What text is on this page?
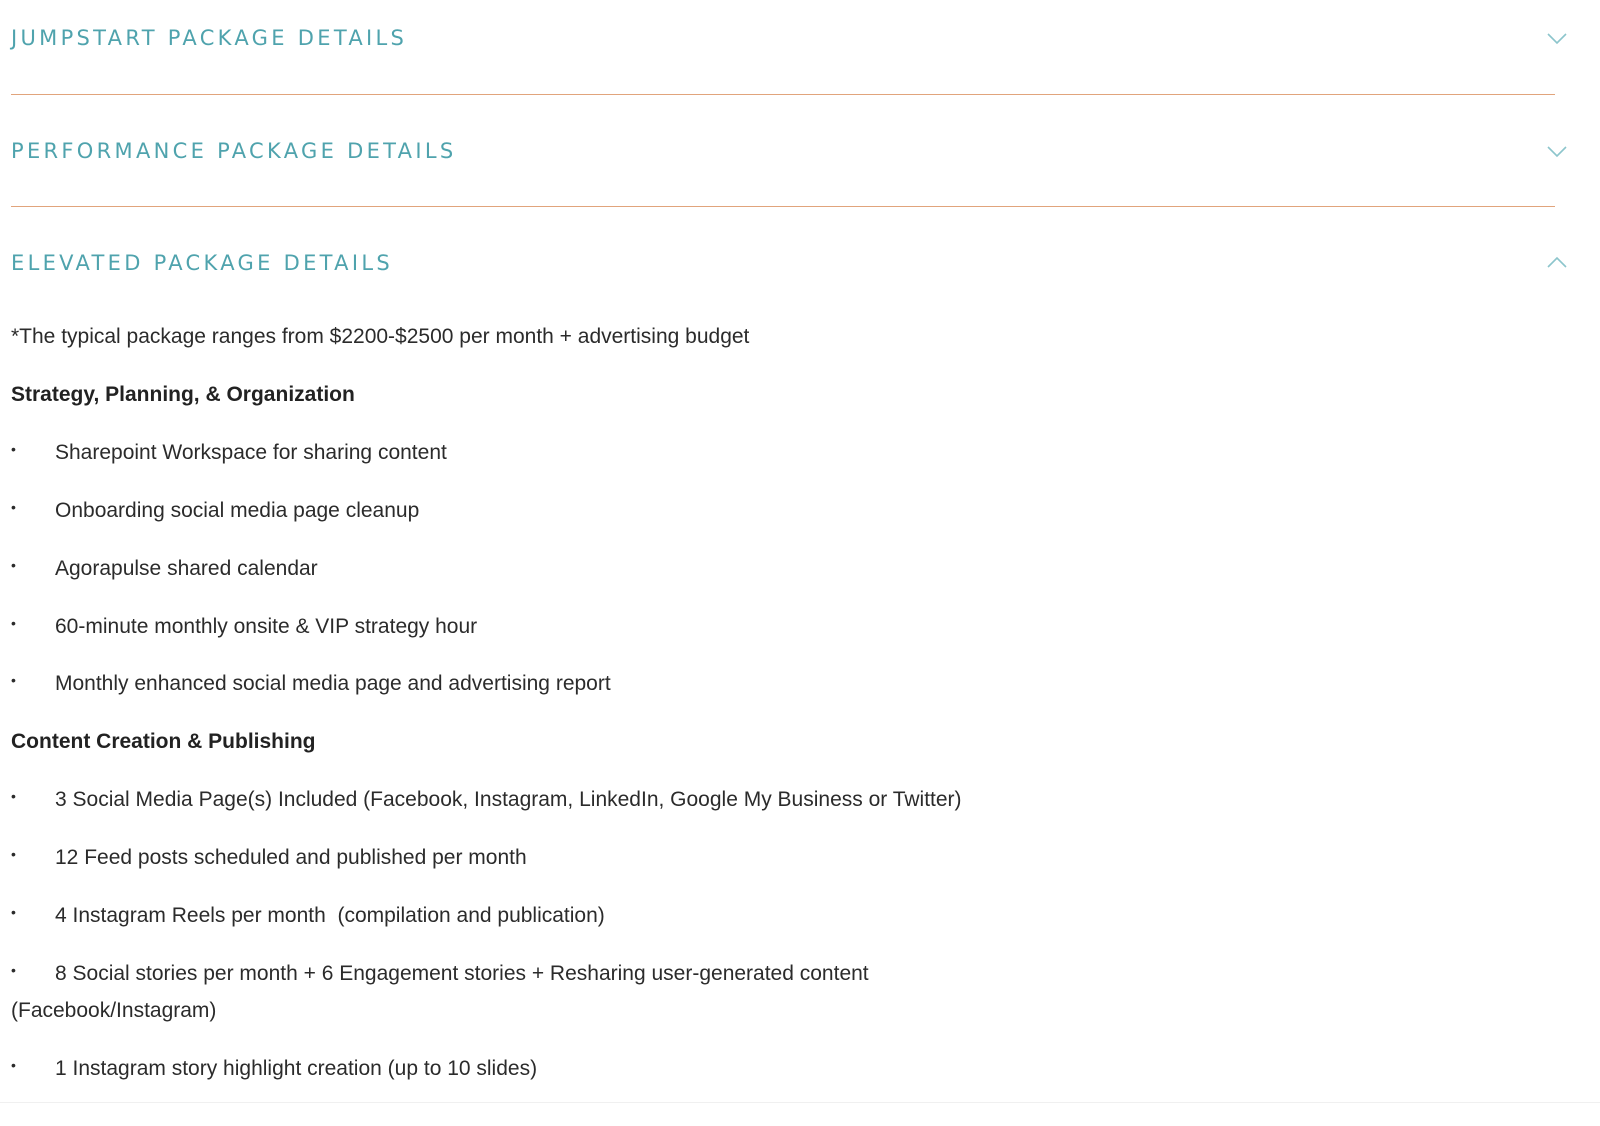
JUMPSTART PACKAGE DETAILS
PERFORMANCE PACKAGE DETAILS
ELEVATED PACKAGE DETAILS
*The typical package ranges from $2200-$2500 per month + advertising budget
Strategy, Planning, & Organization
• Sharepoint Workspace for sharing content
• Onboarding social media page cleanup
• Agorapulse shared calendar
• 60-minute monthly onsite & VIP strategy hour
• Monthly enhanced social media page and advertising report
Content Creation & Publishing
• 3 Social Media Page(s) Included (Facebook, Instagram, LinkedIn, Google My Business or Twitter)
• 12 Feed posts scheduled and published per month
• 4 Instagram Reels per month  (compilation and publication)
• 8 Social stories per month + 6 Engagement stories + Resharing user-generated content
(Facebook/Instagram)
• 1 Instagram story highlight creation (up to 10 slides)
